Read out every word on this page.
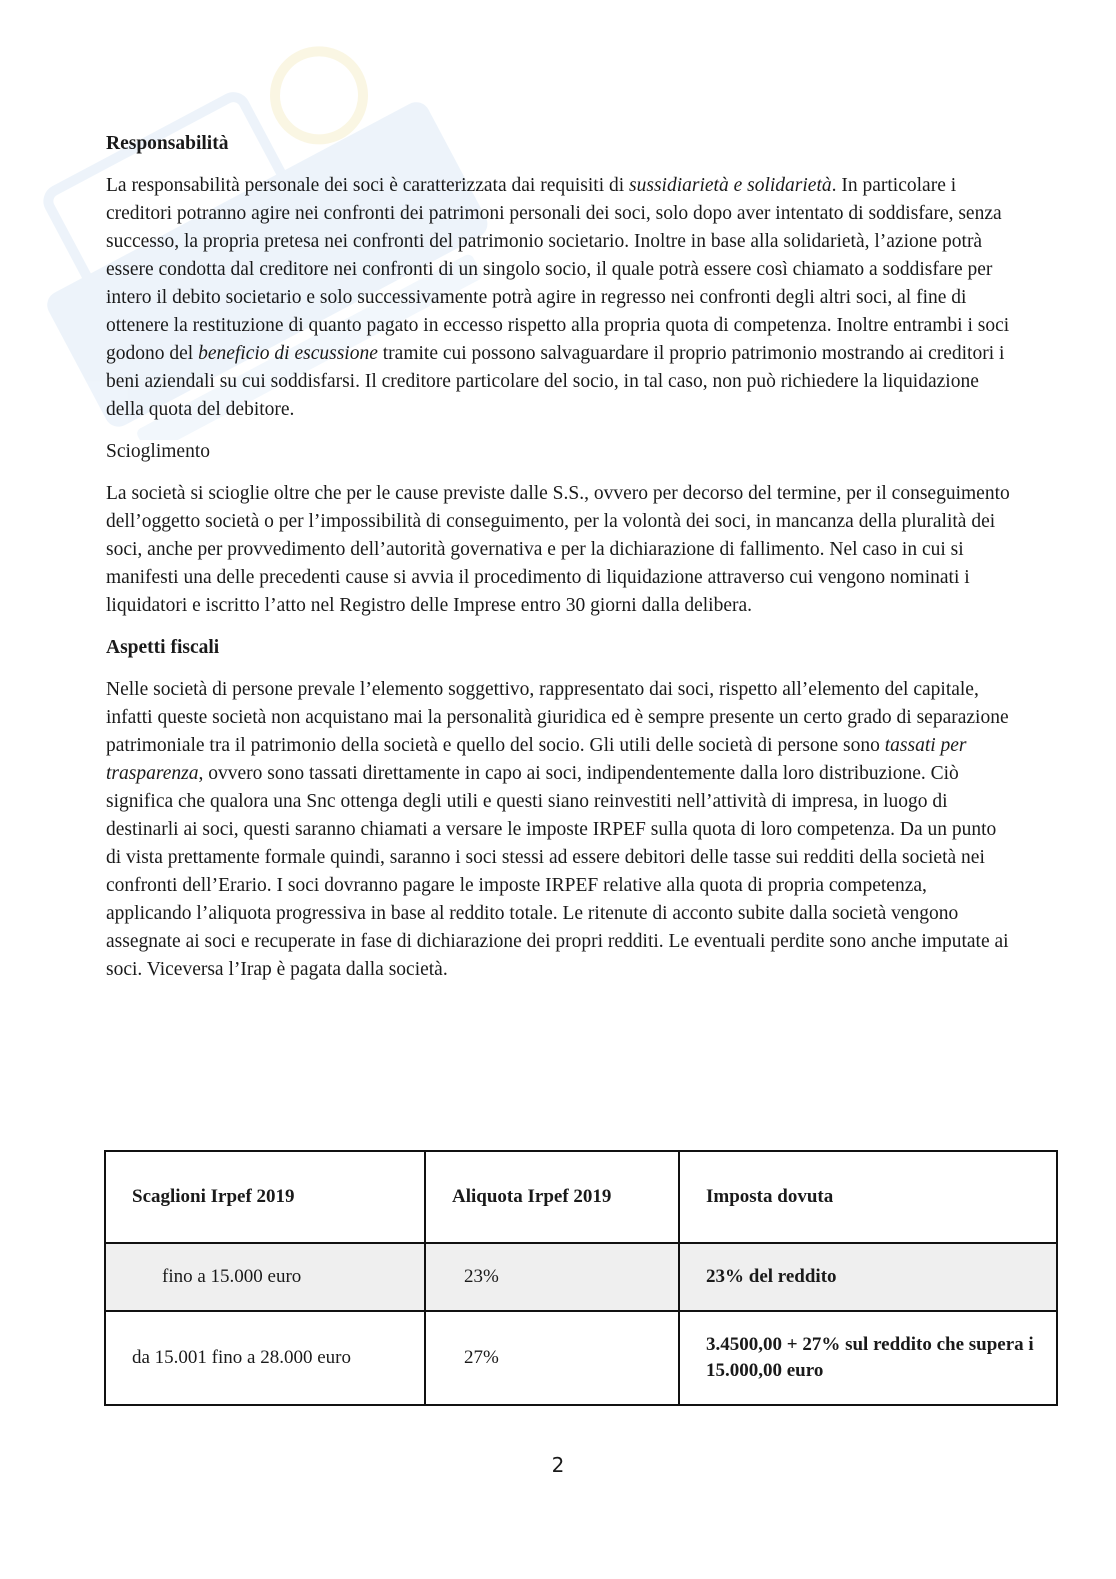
Responsabilità

La responsabilità personale dei soci è caratterizzata dai requisiti di sussidiarietà e solidarietà. In particolare i creditori potranno agire nei confronti dei patrimoni personali dei soci, solo dopo aver intentato di soddisfare, senza successo, la propria pretesa nei confronti del patrimonio societario. Inoltre in base alla solidarietà, l’azione potrà essere condotta dal creditore nei confronti di un singolo socio, il quale potrà essere così chiamato a soddisfare per intero il debito societario e solo successivamente potrà agire in regresso nei confronti degli altri soci, al fine di ottenere la restituzione di quanto pagato in eccesso rispetto alla propria quota di competenza. Inoltre entrambi i soci godono del beneficio di escussione tramite cui possono salvaguardare il proprio patrimonio mostrando ai creditori i beni aziendali su cui soddisfarsi. Il creditore particolare del socio, in tal caso, non può richiedere la liquidazione della quota del debitore.

Scioglimento

La società si scioglie oltre che per le cause previste dalle S.S., ovvero per decorso del termine, per il conseguimento dell’oggetto società o per l’impossibilità di conseguimento, per la volontà dei soci, in mancanza della pluralità dei soci, anche per provvedimento dell’autorità governativa e per la dichiarazione di fallimento. Nel caso in cui si manifesti una delle precedenti cause si avvia il procedimento di liquidazione attraverso cui vengono nominati i liquidatori e iscritto l’atto nel Registro delle Imprese entro 30 giorni dalla delibera.

Aspetti fiscali

Nelle società di persone prevale l’elemento soggettivo, rappresentato dai soci, rispetto all’elemento del capitale, infatti queste società non acquistano mai la personalità giuridica ed è sempre presente un certo grado di separazione patrimoniale tra il patrimonio della società e quello del socio. Gli utili delle società di persone sono tassati per trasparenza, ovvero sono tassati direttamente in capo ai soci, indipendentemente dalla loro distribuzione. Ciò significa che qualora una Snc ottenga degli utili e questi siano reinvestiti nell’attività di impresa, in luogo di destinarli ai soci, questi saranno chiamati a versare le imposte IRPEF sulla quota di loro competenza. Da un punto di vista prettamente formale quindi, saranno i soci stessi ad essere debitori delle tasse sui redditi della società nei confronti dell’Erario. I soci dovranno pagare le imposte IRPEF relative alla quota di propria competenza, applicando l’aliquota progressiva in base al reddito totale. Le ritenute di acconto subite dalla società vengono assegnate ai soci e recuperate in fase di dichiarazione dei propri redditi. Le eventuali perdite sono anche imputate ai soci. Viceversa l’Irap è pagata dalla società.

Scaglioni Irpef 2019	Aliquota Irpef 2019	Imposta dovuta
fino a 15.000 euro	23%	23% del reddito
da 15.001 fino a 28.000 euro	27%	3.4500,00 + 27% sul reddito che supera i 15.000,00 euro
2
